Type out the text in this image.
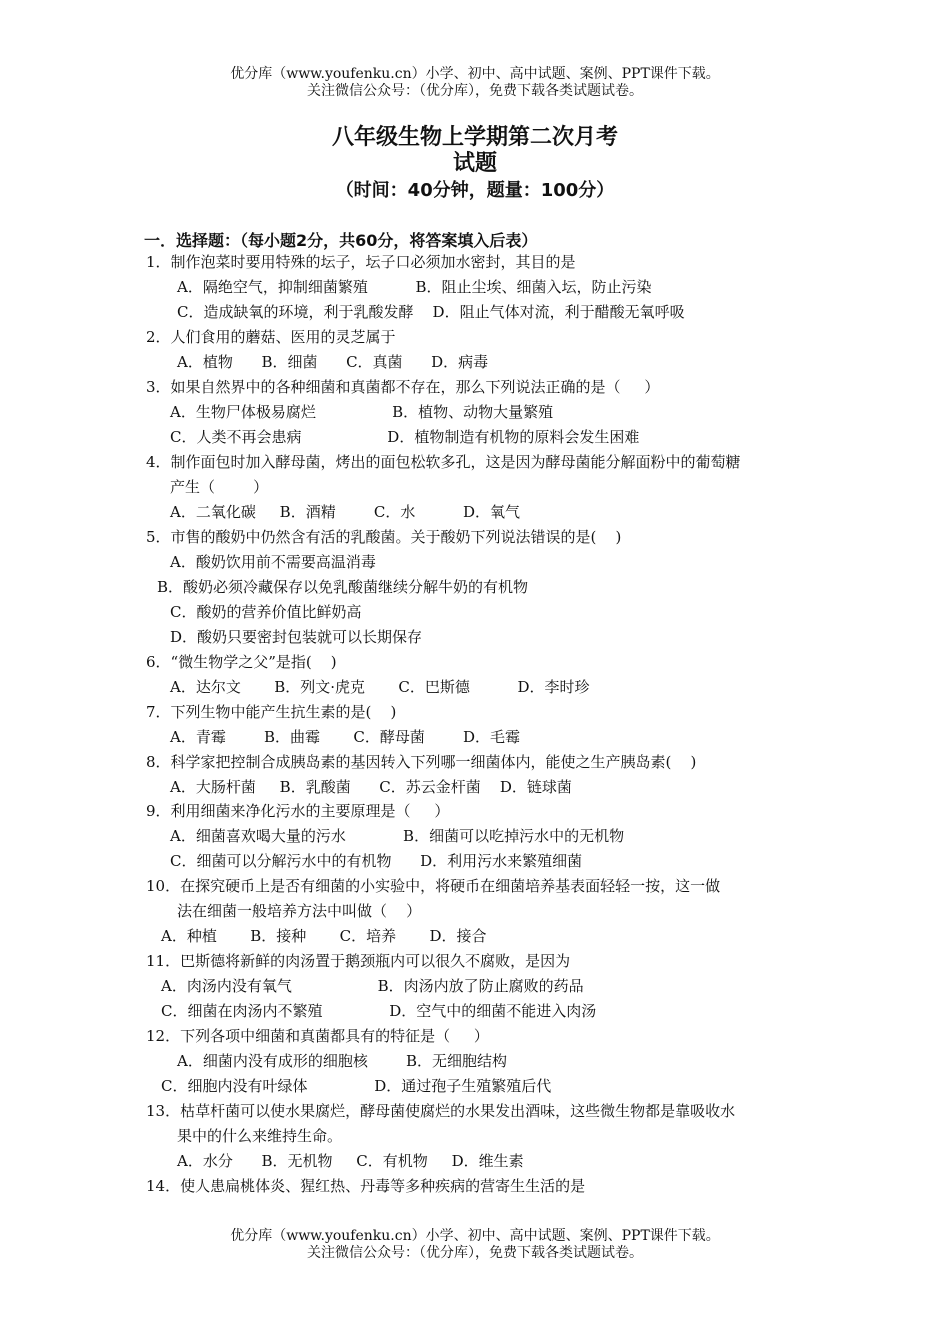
优分库（www.youfenku.cn）小学、初中、高中试题、案例、PPT课件下载。
关注微信公众号：（优分库），免费下载各类试题试卷。
八年级生物上学期第二次月考
试题
（时间：40分钟，题量：100分）
一．选择题：（每小题2分，共60分，将答案填入后表）
1．制作泡菜时要用特殊的坛子，坛子口必须加水密封，其目的是
A．隔绝空气，抑制细菌繁殖          B．阻止尘埃、细菌入坛，防止污染
C．造成缺氧的环境，利于乳酸发酵    D．阻止气体对流，利于醋酸无氧呼吸
2．人们食用的蘑菇、医用的灵芝属于
A．植物      B．细菌      C．真菌      D．病毒
3．如果自然界中的各种细菌和真菌都不存在，那么下列说法正确的是（     ）
A．生物尸体极易腐烂                B．植物、动物大量繁殖
C．人类不再会患病                  D．植物制造有机物的原料会发生困难
4．制作面包时加入酵母菌，烤出的面包松软多孔，这是因为酵母菌能分解面粉中的葡萄糖
产生（        ）
A．二氧化碳     B．酒精        C．水          D．氧气
5．市售的酸奶中仍然含有活的乳酸菌。关于酸奶下列说法错误的是(    )
A．酸奶饮用前不需要高温消毒
B．酸奶必须冷藏保存以免乳酸菌继续分解牛奶的有机物
C．酸奶的营养价值比鲜奶高
D．酸奶只要密封包装就可以长期保存
6．“微生物学之父”是指(    )
A．达尔文       B．列文·虎克       C．巴斯德          D．李时珍
7．下列生物中能产生抗生素的是(    )
A．青霉        B．曲霉       C．酵母菌        D．毛霉
8．科学家把控制合成胰岛素的基因转入下列哪一细菌体内，能使之生产胰岛素(    )
A．大肠杆菌     B．乳酸菌      C．苏云金杆菌    D．链球菌
9．利用细菌来净化污水的主要原理是（     ）
A．细菌喜欢喝大量的污水            B．细菌可以吃掉污水中的无机物
C．细菌可以分解污水中的有机物      D．利用污水来繁殖细菌
10．在探究硬币上是否有细菌的小实验中，将硬币在细菌培养基表面轻轻一按，这一做
法在细菌一般培养方法中叫做（    ）
A．种植       B．接种       C．培养       D．接合
11．巴斯德将新鲜的肉汤置于鹅颈瓶内可以很久不腐败，是因为
A．肉汤内没有氧气                  B．肉汤内放了防止腐败的药品
C．细菌在肉汤内不繁殖              D．空气中的细菌不能进入肉汤
12．下列各项中细菌和真菌都具有的特征是（     ）
A．细菌内没有成形的细胞核        B．无细胞结构
C．细胞内没有叶绿体              D．通过孢子生殖繁殖后代
13．枯草杆菌可以使水果腐烂，酵母菌使腐烂的水果发出酒味，这些微生物都是靠吸收水
果中的什么来维持生命。
A．水分      B．无机物     C．有机物     D．维生素
14．使人患扁桃体炎、猩红热、丹毒等多种疾病的营寄生生活的是
优分库（www.youfenku.cn）小学、初中、高中试题、案例、PPT课件下载。
关注微信公众号：（优分库），免费下载各类试题试卷。
